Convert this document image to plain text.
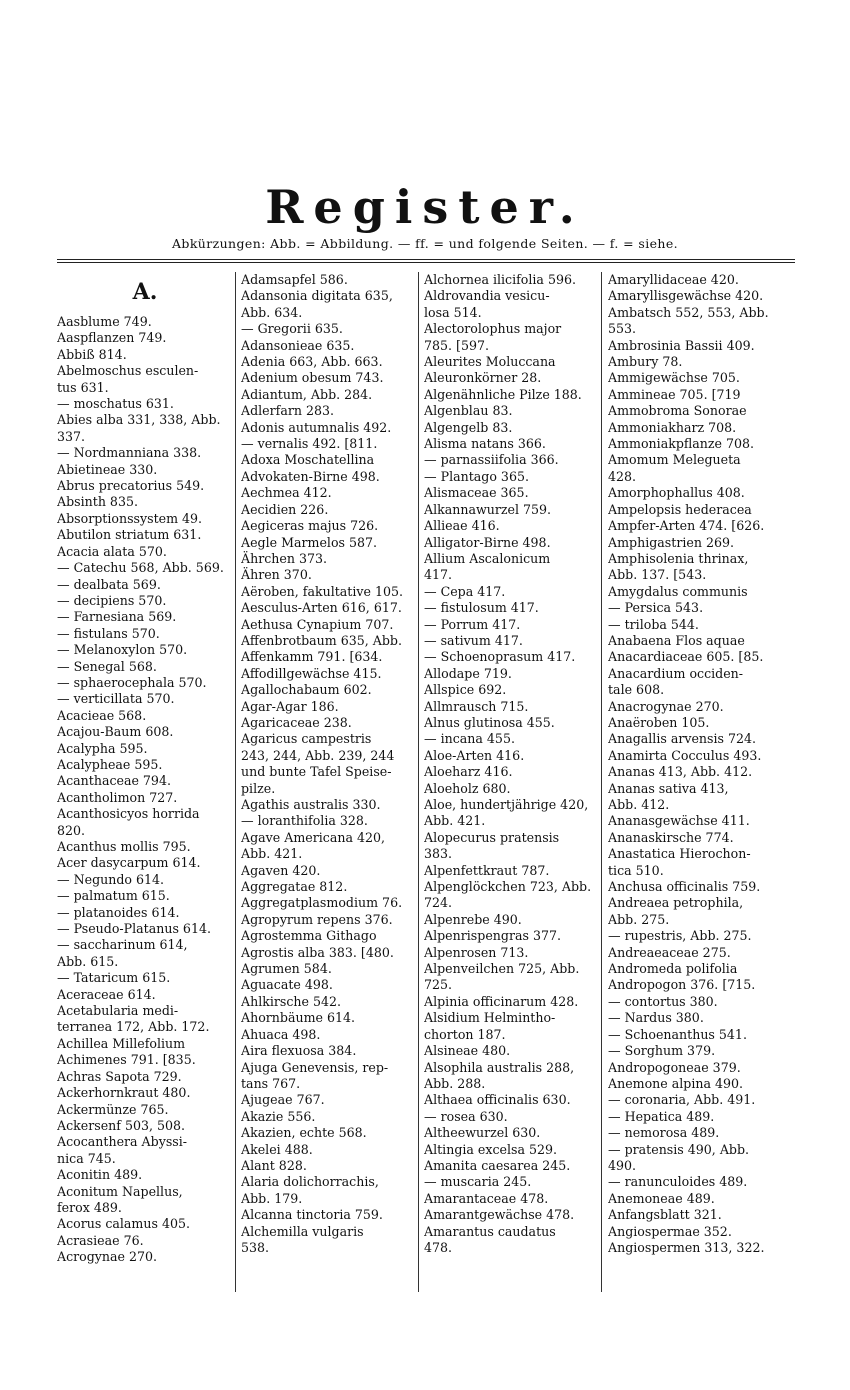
Register.
Abkürzungen: Abb. = Abbildung. — ff. = und folgende Seiten. — f. = siehe.
A.
Aasblume 749.
Aaspflanzen 749.
Abbiß 814.
Abelmoschus esculen-
tus 631.
— moschatus 631.
Abies alba 331, 338, Abb.
337.
— Nordmanniana 338.
Abietineae 330.
Abrus precatorius 549.
Absinth 835.
Absorptionssystem 49.
Abutilon striatum 631.
Acacia alata 570.
— Catechu 568, Abb. 569.
— dealbata 569.
— decipiens 570.
— Farnesiana 569.
— fistulans 570.
— Melanoxylon 570.
— Senegal 568.
— sphaerocephala 570.
— verticillata 570.
Acacieae 568.
Acajou-Baum 608.
Acalypha 595.
Acalypheae 595.
Acanthaceae 794.
Acantholimon 727.
Acanthosicyos horrida
820.
Acanthus mollis 795.
Acer dasycarpum 614.
— Negundo 614.
— palmatum 615.
— platanoides 614.
— Pseudo-Platanus 614.
— saccharinum 614,
Abb. 615.
— Tataricum 615.
Aceraceae 614.
Acetabularia medi-
terranea 172, Abb. 172.
Achillea Millefolium
Achimenes 791. [835.
Achras Sapota 729.
Ackerhornkraut 480.
Ackermünze 765.
Ackersenf 503, 508.
Acocanthera Abyssi-
nica 745.
Aconitin 489.
Aconitum Napellus,
ferox 489.
Acorus calamus 405.
Acrasieae 76.
Acrogynae 270.
Adamsapfel 586.
Adansonia digitata 635,
Abb. 634.
— Gregorii 635.
Adansonieae 635.
Adenia 663, Abb. 663.
Adenium obesum 743.
Adiantum, Abb. 284.
Adlerfarn 283.
Adonis autumnalis 492.
— vernalis 492. [811.
Adoxa Moschatellina
Advokaten-Birne 498.
Aechmea 412.
Aecidien 226.
Aegiceras majus 726.
Aegle Marmelos 587.
Ährchen 373.
Ähren 370.
Aëroben, fakultative 105.
Aesculus-Arten 616, 617.
Aethusa Cynapium 707.
Affenbrotbaum 635, Abb.
Affenkamm 791. [634.
Affodillgewächse 415.
Agallochabaum 602.
Agar-Agar 186.
Agaricaceae 238.
Agaricus campestris
243, 244, Abb. 239, 244
und bunte Tafel Speise-
pilze.
Agathis australis 330.
— loranthifolia 328.
Agave Americana 420,
Abb. 421.
Agaven 420.
Aggregatae 812.
Aggregatplasmodium 76.
Agropyrum repens 376.
Agrostemma Githago
Agrostis alba 383. [480.
Agrumen 584.
Aguacate 498.
Ahlkirsche 542.
Ahornbäume 614.
Ahuaca 498.
Aira flexuosa 384.
Ajuga Genevensis, rep-
tans 767.
Ajugeae 767.
Akazie 556.
Akazien, echte 568.
Akelei 488.
Alant 828.
Alaria dolichorrachis,
Abb. 179.
Alcanna tinctoria 759.
Alchemilla vulgaris
538.
Alchornea ilicifolia 596.
Aldrovandia vesicu-
losa 514.
Alectorolophus major
785. [597.
Aleurites Moluccana
Aleuronkörner 28.
Algenähnliche Pilze 188.
Algenblau 83.
Algengelb 83.
Alisma natans 366.
— parnassiifolia 366.
— Plantago 365.
Alismaceae 365.
Alkannawurzel 759.
Allieae 416.
Alligator-Birne 498.
Allium Ascalonicum
417.
— Cepa 417.
— fistulosum 417.
— Porrum 417.
— sativum 417.
— Schoenoprasum 417.
Allodape 719.
Allspice 692.
Allmrausch 715.
Alnus glutinosa 455.
— incana 455.
Aloe-Arten 416.
Aloeharz 416.
Aloeholz 680.
Aloe, hundertjährige 420,
Abb. 421.
Alopecurus pratensis
383.
Alpenfettkraut 787.
Alpenglöckchen 723, Abb.
724.
Alpenrebe 490.
Alpenrispengras 377.
Alpenrosen 713.
Alpenveilchen 725, Abb.
725.
Alpinia officinarum 428.
Alsidium Helmintho-
chorton 187.
Alsineae 480.
Alsophila australis 288,
Abb. 288.
Althaea officinalis 630.
— rosea 630.
Altheewurzel 630.
Altingia excelsa 529.
Amanita caesarea 245.
— muscaria 245.
Amarantaceae 478.
Amarantgewächse 478.
Amarantus caudatus
478.
Amaryllidaceae 420.
Amaryllisgewächse 420.
Ambatsch 552, 553, Abb.
553.
Ambrosinia Bassii 409.
Ambury 78.
Ammigewächse 705.
Ammineae 705. [719
Ammobroma Sonorae
Ammoniakharz 708.
Ammoniakpflanze 708.
Amomum Melegueta
428.
Amorphophallus 408.
Ampelopsis hederacea
Ampfer-Arten 474. [626.
Amphigastrien 269.
Amphisolenia thrinax,
Abb. 137. [543.
Amygdalus communis
— Persica 543.
— triloba 544.
Anabaena Flos aquae
Anacardiaceae 605. [85.
Anacardium occiden-
tale 608.
Anacrogynae 270.
Anaëroben 105.
Anagallis arvensis 724.
Anamirta Cocculus 493.
Ananas 413, Abb. 412.
Ananas sativa 413,
Abb. 412.
Ananasgewächse 411.
Ananaskirsche 774.
Anastatica Hierochon-
tica 510.
Anchusa officinalis 759.
Andreaea petrophila,
Abb. 275.
— rupestris, Abb. 275.
Andreaeaceae 275.
Andromeda polifolia
Andropogon 376. [715.
— contortus 380.
— Nardus 380.
— Schoenanthus 541.
— Sorghum 379.
Andropogoneae 379.
Anemone alpina 490.
— coronaria, Abb. 491.
— Hepatica 489.
— nemorosa 489.
— pratensis 490, Abb.
490.
— ranunculoides 489.
Anemoneae 489.
Anfangsblatt 321.
Angiospermae 352.
Angiospermen 313, 322.
